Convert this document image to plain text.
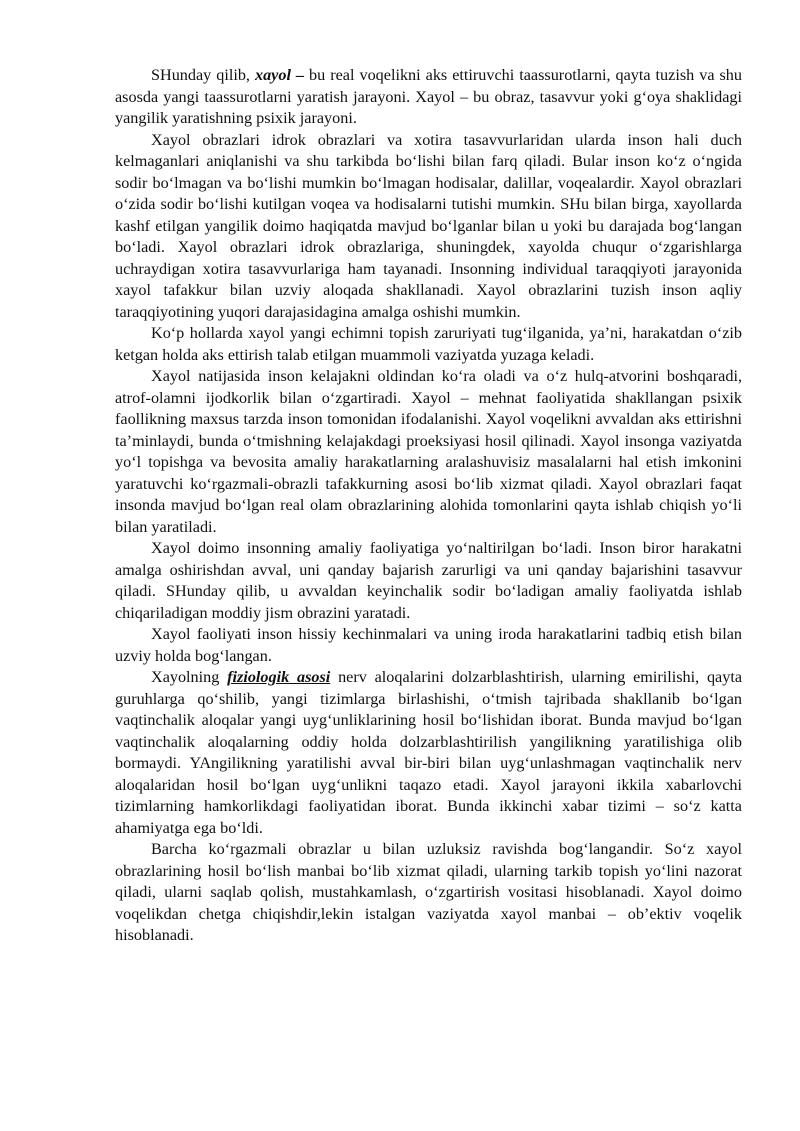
SHunday qilib, xayol – bu real voqelikni aks ettiruvchi taassurotlarni, qayta tuzish va shu asosda yangi taassurotlarni yaratish jarayoni. Xayol – bu obraz, tasavvur yoki g‘oya shaklidagi yangilik yaratishning psixik jarayoni.

Xayol obrazlari idrok obrazlari va xotira tasavvurlaridan ularda inson hali duch kelmaganlari aniqlanishi va shu tarkibda bo‘lishi bilan farq qiladi. Bular inson ko‘z o‘ngida sodir bo‘lmagan va bo‘lishi mumkin bo‘lmagan hodisalar, dalillar, voqealardir. Xayol obrazlari o‘zida sodir bo‘lishi kutilgan voqea va hodisalarni tutishi mumkin. SHu bilan birga, xayollarda kashf etilgan yangilik doimo haqiqatda mavjud bo‘lganlar bilan u yoki bu darajada bog‘langan bo‘ladi. Xayol obrazlari idrok obrazlariga, shuningdek, xayolda chuqur o‘zgarishlarga uchraydigan xotira tasavvurlariga ham tayanadi. Insonning individual taraqqiyoti jarayonida xayol tafakkur bilan uzviy aloqada shakllanadi. Xayol obrazlarini tuzish inson aqliy taraqqiyotining yuqori darajasidagina amalga oshishi mumkin.

Ko‘p hollarda xayol yangi echimni topish zaruriyati tug‘ilganida, ya’ni, harakatdan o‘zib ketgan holda aks ettirish talab etilgan muammoli vaziyatda yuzaga keladi.

Xayol natijasida inson kelajakni oldindan ko‘ra oladi va o‘z hulq-atvorini boshqaradi, atrof-olamni ijodkorlik bilan o‘zgartiradi. Xayol – mehnat faoliyatida shakllangan psixik faollikning maxsus tarzda inson tomonidan ifodalanishi. Xayol voqelikni avvaldan aks ettirishni ta’minlaydi, bunda o‘tmishning kelajakdagi proeksiyasi hosil qilinadi. Xayol insonga vaziyatda yo‘l topishga va bevosita amaliy harakatlarning aralashuvisiz masalalarni hal etish imkonini yaratuvchi ko‘rgazmali-obrazli tafakkurning asosi bo‘lib xizmat qiladi. Xayol obrazlari faqat insonda mavjud bo‘lgan real olam obrazlarining alohida tomonlarini qayta ishlab chiqish yo‘li bilan yaratiladi.

Xayol doimo insonning amaliy faoliyatiga yo‘naltirilgan bo‘ladi. Inson biror harakatni amalga oshirishdan avval, uni qanday bajarish zarurligi va uni qanday bajarishini tasavvur qiladi. SHunday qilib, u avvaldan keyinchalik sodir bo‘ladigan amaliy faoliyatda ishlab chiqariladigan moddiy jism obrazini yaratadi.

Xayol faoliyati inson hissiy kechinmalari va uning iroda harakatlarini tadbiq etish bilan uzviy holda bog‘langan.

Xayolning fiziologik asosi nerv aloqalarini dolzarblashtirish, ularning emirilishi, qayta guruhlarga qo‘shilib, yangi tizimlarga birlashishi, o‘tmish tajribada shakllanib bo‘lgan vaqtinchalik aloqalar yangi uyg‘unliklarining hosil bo‘lishidan iborat. Bunda mavjud bo‘lgan vaqtinchalik aloqalarning oddiy holda dolzarblashtirilish yangilikning yaratilishiga olib bormaydi. YAngilikning yaratilishi avval bir-biri bilan uyg‘unlashmagan vaqtinchalik nerv aloqalaridan hosil bo‘lgan uyg‘unlikni taqazo etadi. Xayol jarayoni ikkila xabarlovchi tizimlarning hamkorlikdagi faoliyatidan iborat. Bunda ikkinchi xabar tizimi – so‘z katta ahamiyatga ega bo‘ldi.

Barcha ko‘rgazmali obrazlar u bilan uzluksiz ravishda bog‘langandir. So‘z xayol obrazlarining hosil bo‘lish manbai bo‘lib xizmat qiladi, ularning tarkib topish yo‘lini nazorat qiladi, ularni saqlab qolish, mustahkamlash, o‘zgartirish vositasi hisoblanadi. Xayol doimo voqelikdan chetga chiqishdir,lekin istalgan vaziyatda xayol manbai – ob’ektiv voqelik hisoblanadi.
